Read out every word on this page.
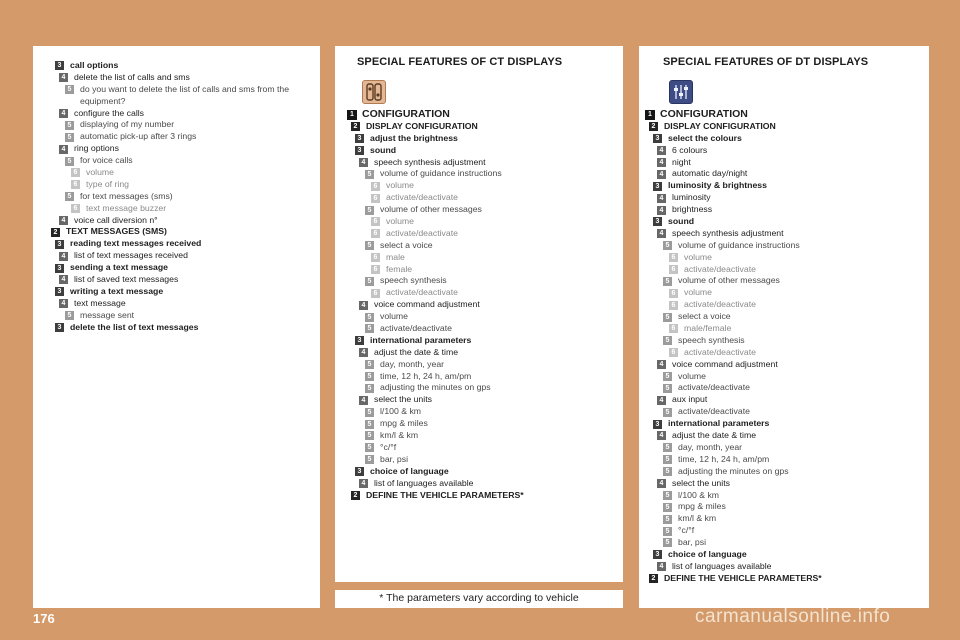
3 call options
4 delete the list of calls and sms
5 do you want to delete the list of calls and sms from the equipment?
4 configure the calls
5 displaying of my number
5 automatic pick-up after 3 rings
4 ring options
5 for voice calls
6 volume
6 type of ring
5 for text messages (sms)
6 text message buzzer
4 voice call diversion n°
2 TEXT MESSAGES (SMS)
3 reading text messages received
4 list of text messages received
3 sending a text message
4 list of saved text messages
3 writing a text message
4 text message
5 message sent
3 delete the list of text messages
SPECIAL FEATURES OF CT DISPLAYS
1 CONFIGURATION
2 DISPLAY CONFIGURATION
3 adjust the brightness
3 sound
4 speech synthesis adjustment
5 volume of guidance instructions
6 volume
6 activate/deactivate
5 volume of other messages
6 volume
6 activate/deactivate
5 select a voice
6 male
6 female
5 speech synthesis
6 activate/deactivate
4 voice command adjustment
5 volume
5 activate/deactivate
3 international parameters
4 adjust the date & time
5 day, month, year
5 time, 12 h, 24 h, am/pm
5 adjusting the minutes on gps
4 select the units
5 l/100 & km
5 mpg & miles
5 km/l & km
5 °c/°f
5 bar, psi
3 choice of language
4 list of languages available
2 DEFINE THE VEHICLE PARAMETERS*
SPECIAL FEATURES OF DT DISPLAYS
1 CONFIGURATION
2 DISPLAY CONFIGURATION
3 select the colours
4 6 colours
4 night
4 automatic day/night
3 luminosity & brightness
4 luminosity
4 brightness
3 sound
4 speech synthesis adjustment
5 volume of guidance instructions
6 volume
6 activate/deactivate
5 volume of other messages
6 volume
6 activate/deactivate
5 select a voice
6 male/female
5 speech synthesis
6 activate/deactivate
4 voice command adjustment
5 volume
5 activate/deactivate
4 aux input
5 activate/deactivate
3 international parameters
4 adjust the date & time
5 day, month, year
5 time, 12 h, 24 h, am/pm
5 adjusting the minutes on gps
4 select the units
5 l/100 & km
5 mpg & miles
5 km/l & km
5 °c/°f
5 bar, psi
3 choice of language
4 list of languages available
2 DEFINE THE VEHICLE PARAMETERS*
* The parameters vary according to vehicle
176	carmanualsonline.info
